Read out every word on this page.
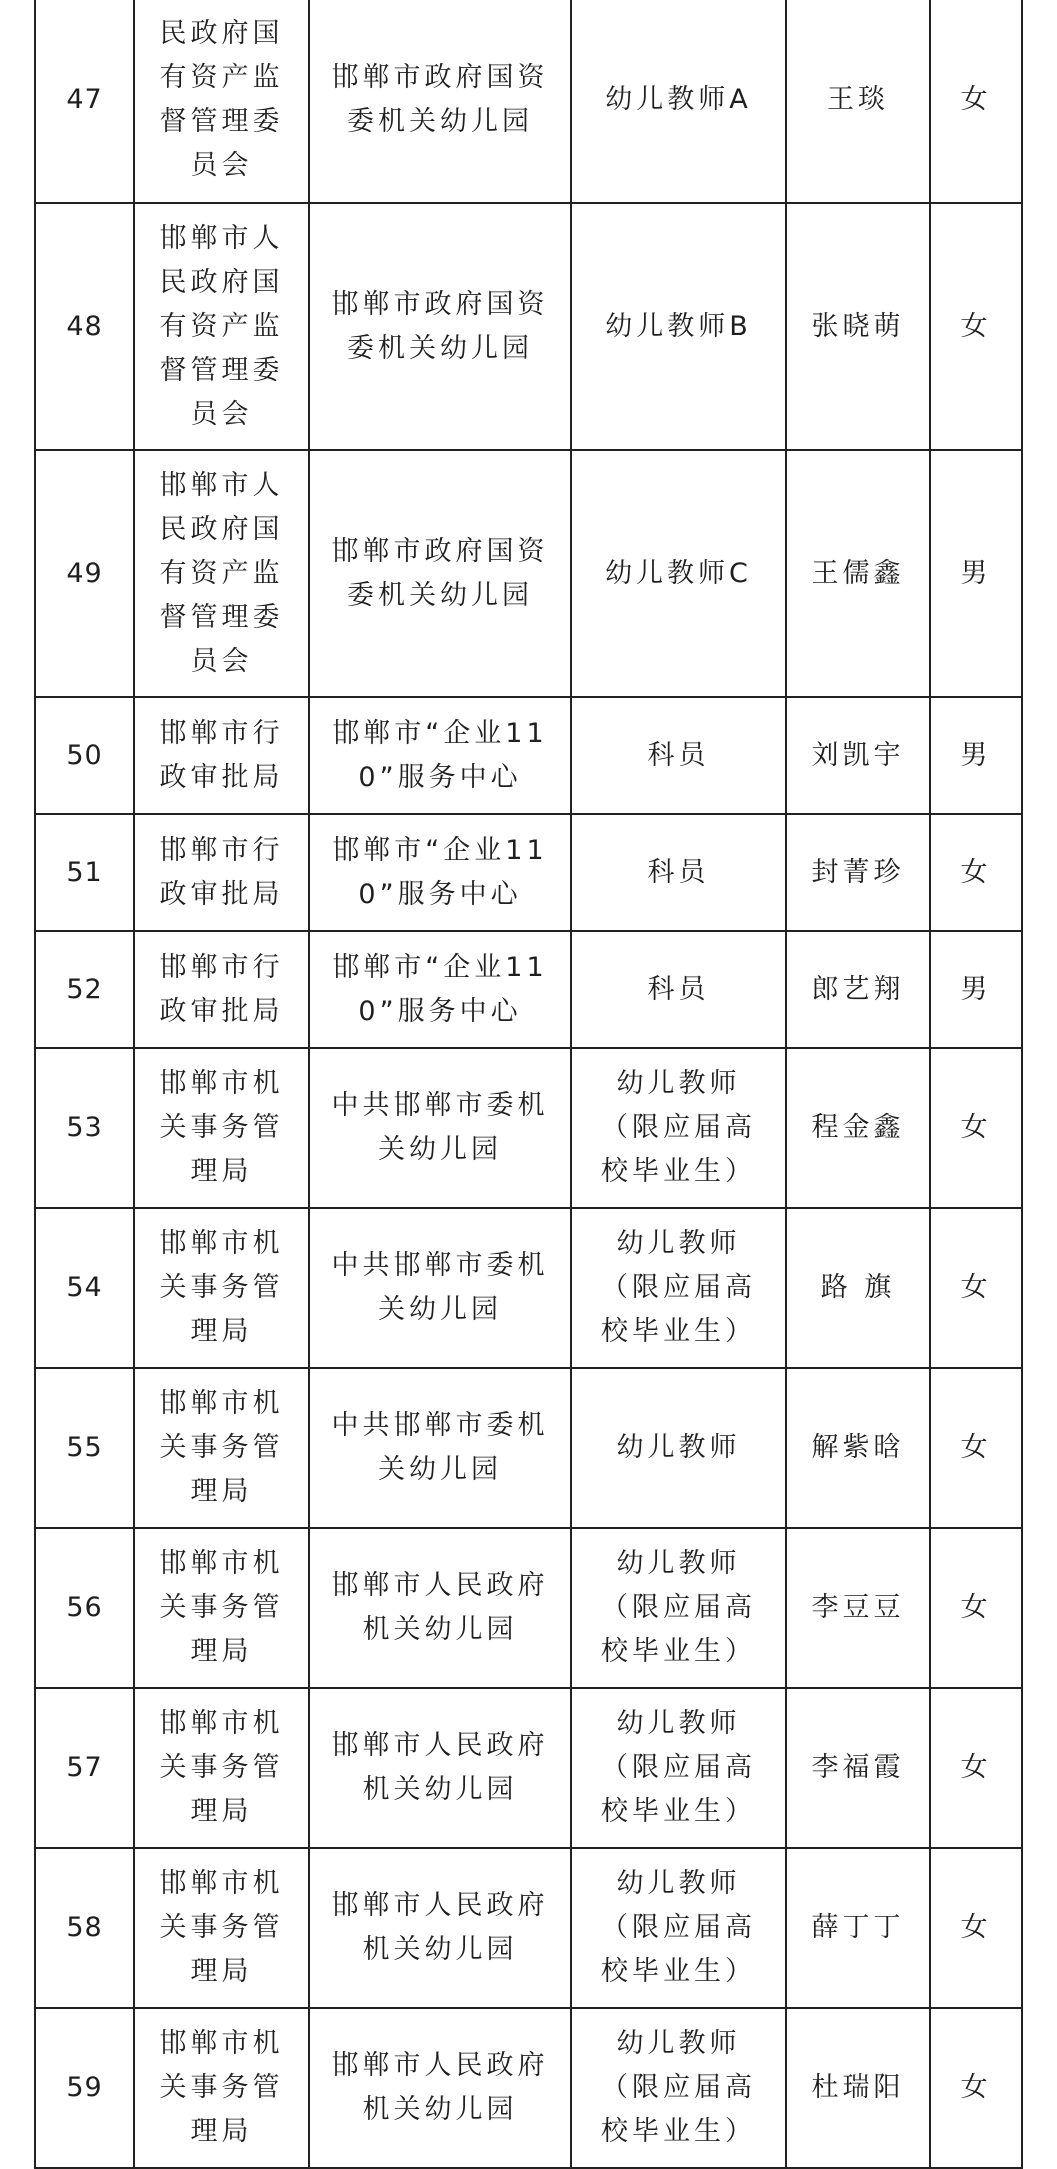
47	民政府国有资产监督管理委员会	邯郸市政府国资委机关幼儿园	幼儿教师A	王琰	女
48	邯郸市人民政府国有资产监督管理委员会	邯郸市政府国资委机关幼儿园	幼儿教师B	张晓萌	女
49	邯郸市人民政府国有资产监督管理委员会	邯郸市政府国资委机关幼儿园	幼儿教师C	王儒鑫	男
50	邯郸市行政审批局	邯郸市“企业110”服务中心	科员	刘凯宇	男
51	邯郸市行政审批局	邯郸市“企业110”服务中心	科员	封菁珍	女
52	邯郸市行政审批局	邯郸市“企业110”服务中心	科员	郎艺翔	男
53	邯郸市机关事务管理局	中共邯郸市委机关幼儿园	幼儿教师（限应届高校毕业生）	程金鑫	女
54	邯郸市机关事务管理局	中共邯郸市委机关幼儿园	幼儿教师（限应届高校毕业生）	路 旗	女
55	邯郸市机关事务管理局	中共邯郸市委机关幼儿园	幼儿教师	解紫晗	女
56	邯郸市机关事务管理局	邯郸市人民政府机关幼儿园	幼儿教师（限应届高校毕业生）	李豆豆	女
57	邯郸市机关事务管理局	邯郸市人民政府机关幼儿园	幼儿教师（限应届高校毕业生）	李福霞	女
58	邯郸市机关事务管理局	邯郸市人民政府机关幼儿园	幼儿教师（限应届高校毕业生）	薛丁丁	女
59	邯郸市机关事务管理局	邯郸市人民政府机关幼儿园	幼儿教师（限应届高校毕业生）	杜瑞阳	女
